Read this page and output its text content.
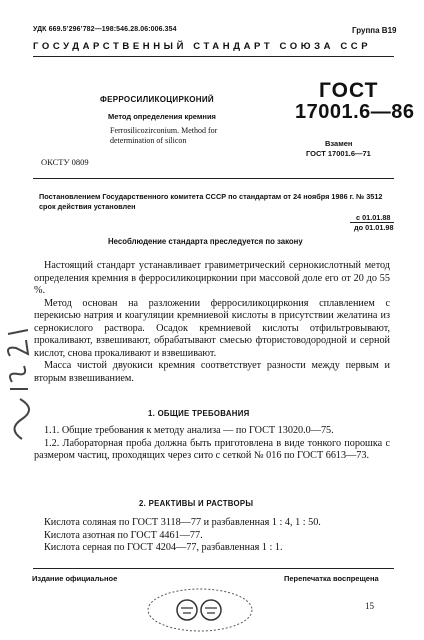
УДК 669.5’296’782—198:546.28.06:006.354	Группа В19
ГОСУДАРСТВЕННЫЙ СТАНДАРТ СОЮЗА ССР
ФЕРРОСИЛИКОЦИРКОНИЙ
Метод определения кремния
Ferrosilicozirconium. Method for
determination of silicon
ГОСТ
17001.6—86
Взамен
ГОСТ 17001.6—71
ОКСТУ 0809
Постановлением Государственного комитета СССР по стандартам от 24 ноября 1986 г. № 3512 срок действия установлен
с 01.01.88
до 01.01.98
Несоблюдение стандарта преследуется по закону

Настоящий стандарт устанавливает гравиметрический сернокислотный метод определения кремния в ферросиликоцирконии при массовой доле его от 20 до 55 %.

Метод основан на разложении ферросиликоциркония сплавлением с перекисью натрия и коагуляции кремниевой кислоты в присутствии желатина из сернокислого раствора. Осадок кремниевой кислоты отфильтровывают, прокаливают, взвешивают, обрабатывают смесью фтористоводородной и серной кислот, снова прокаливают и взвешивают.

Масса чистой двуокиси кремния соответствует разности между первым и вторым взвешиванием.

1. ОБЩИЕ ТРЕБОВАНИЯ

1.1. Общие требования к методу анализа — по ГОСТ 13020.0—75.

1.2. Лабораторная проба должна быть приготовлена в виде тонкого порошка с размером частиц, проходящих через сито с сеткой № 016 по ГОСТ 6613—73.

2. РЕАКТИВЫ И РАСТВОРЫ

Кислота соляная по ГОСТ 3118—77 и разбавленная 1 : 4, 1 : 50.

Кислота азотная по ГОСТ 4461—77.

Кислота серная по ГОСТ 4204—77, разбавленная 1 : 1.

Издание официальное	Перепечатка воспрещена
15
